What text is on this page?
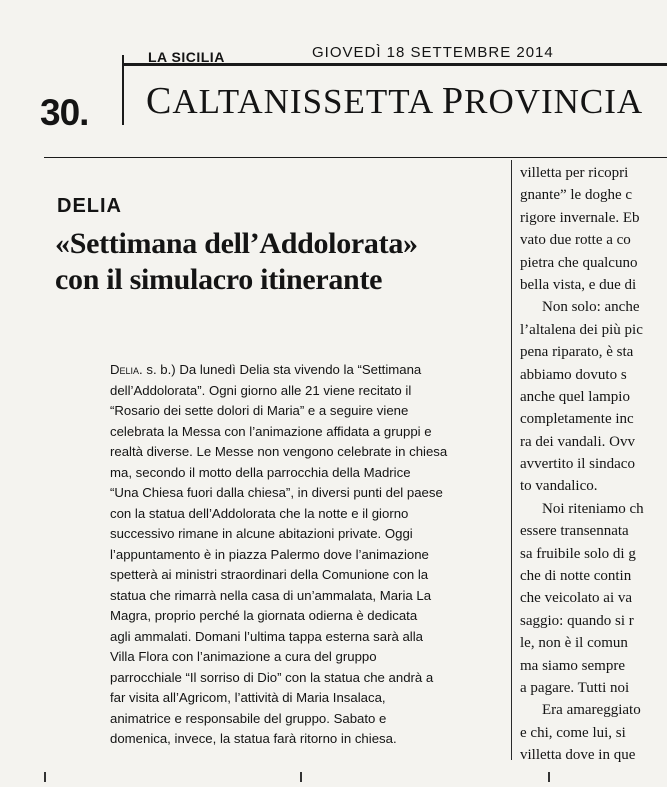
LA SICILIA	GIOVEDÌ 18 SETTEMBRE 2014
30. CALTANISSETTA PROVINCIA
DELIA
«Settimana dell’Addolorata»
con il simulacro itinerante
Delia. s. b.) Da lunedì Delia sta vivendo la “Settimana
dell’Addolorata”. Ogni giorno alle 21 viene recitato il
“Rosario dei sette dolori di Maria” e a seguire viene
celebrata la Messa con l’animazione affidata a gruppi e
realtà diverse. Le Messe non vengono celebrate in chiesa
ma, secondo il motto della parrocchia della Madrice
“Una Chiesa fuori dalla chiesa”, in diversi punti del paese
con la statua dell’Addolorata che la notte e il giorno
successivo rimane in alcune abitazioni private. Oggi
l’appuntamento è in piazza Palermo dove l’animazione
spetterà ai ministri straordinari della Comunione con la
statua che rimarrà nella casa di un’ammalata, Maria La
Magra, proprio perché la giornata odierna è dedicata
agli ammalati. Domani l’ultima tappa esterna sarà alla
Villa Flora con l’animazione a cura del gruppo
parrocchiale “Il sorriso di Dio” con la statua che andrà a
far visita all’Agricom, l’attività di Maria Insalaca,
animatrice e responsabile del gruppo. Sabato e
domenica, invece, la statua farà ritorno in chiesa.
villetta per ricopri
gnante” le doghe c
rigore invernale. Eb
vato due rotte a co
pietra che qualcuno
bella vista, e due di
Non solo: anche
l’altalena dei più pic
pena riparato, è sta
abbiamo dovuto s
anche quel lampio
completamente inc
ra dei vandali. Ovv
avvertito il sindaco
to vandalico.
Noi riteniamo ch
essere transennata
sa fruibile solo di g
che di notte contin
che veicolato ai va
saggio: quando si r
le, non è il comun
ma siamo sempre
a pagare. Tutti noi
Era amareggiato
e chi, come lui, si
villetta dove in que
